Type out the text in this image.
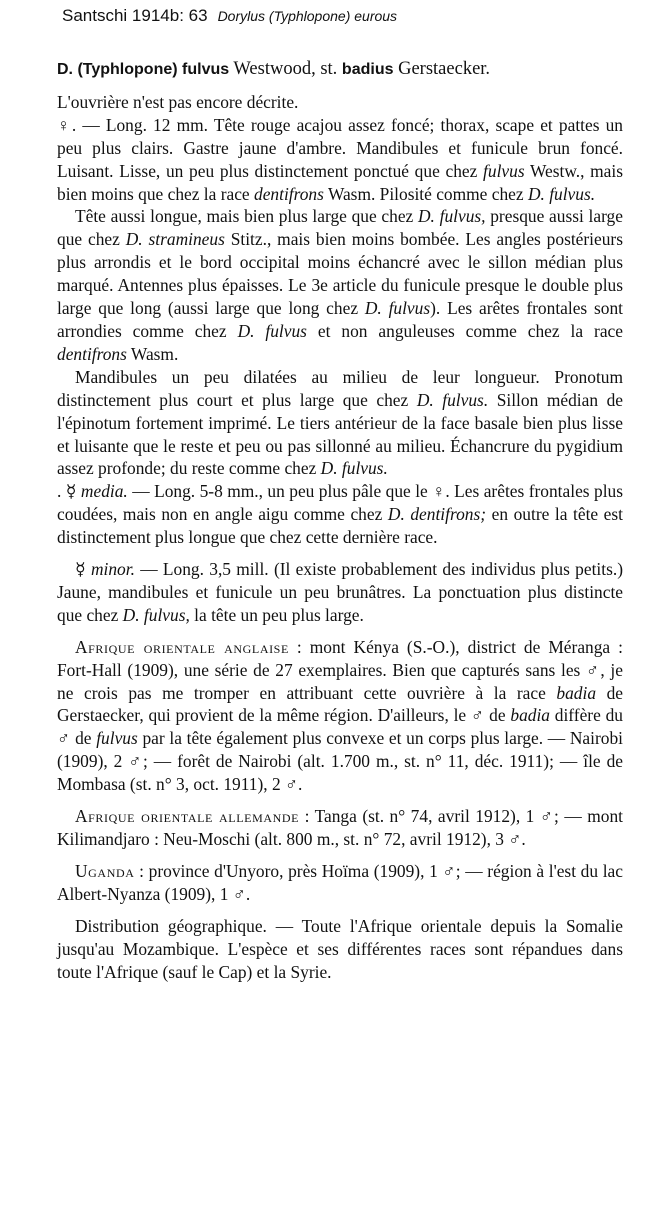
Santschi 1914b: 63 Dorylus (Typhlopone) eurous

D. (Typhlopone) fulvus Westwood, st. badius Gerstaecker.

L'ouvrière n'est pas encore décrite.

♀. — Long. 12 mm. Tête rouge acajou assez foncé; thorax, scape et pattes un peu plus clairs. Gastre jaune d'ambre. Mandibules et funicule brun foncé. Luisant. Lisse, un peu plus distinctement ponctué que chez fulvus Westw., mais bien moins que chez la race dentifrons Wasm. Pilosité comme chez D. fulvus.

Tête aussi longue, mais bien plus large que chez D. fulvus, presque aussi large que chez D. stramineus Stitz., mais bien moins bombée. Les angles postérieurs plus arrondis et le bord occipital moins échancré avec le sillon médian plus marqué. Antennes plus épaisses. Le 3e article du funicule presque le double plus large que long (aussi large que long chez D. fulvus). Les arêtes frontales sont arrondies comme chez D. fulvus et non anguleuses comme chez la race dentifrons Wasm.

Mandibules un peu dilatées au milieu de leur longueur. Pronotum distinctement plus court et plus large que chez D. fulvus. Sillon médian de l'épinotum fortement imprimé. Le tiers antérieur de la face basale bien plus lisse et luisante que le reste et peu ou pas sillonné au milieu. Échancrure du pygidium assez profonde; du reste comme chez D. fulvus.

. ☿ media. — Long. 5-8 mm., un peu plus pâle que le ♀. Les arêtes frontales plus coudées, mais non en angle aigu comme chez D. dentifrons; en outre la tête est distinctement plus longue que chez cette dernière race.

☿ minor. — Long. 3,5 mill. (Il existe probablement des individus plus petits.) Jaune, mandibules et funicule un peu brunâtres. La ponctuation plus distincte que chez D. fulvus, la tête un peu plus large.

Afrique orientale anglaise : mont Kénya (S.-O.), district de Méranga : Fort-Hall (1909), une série de 27 exemplaires. Bien que capturés sans les ♂, je ne crois pas me tromper en attribuant cette ouvrière à la race badia de Gerstaecker, qui provient de la même région. D'ailleurs, le ♂ de badia diffère du ♂ de fulvus par la tête également plus convexe et un corps plus large. — Nairobi (1909), 2 ♂; — forêt de Nairobi (alt. 1.700 m., st. n° 11, déc. 1911); — île de Mombasa (st. n° 3, oct. 1911), 2 ♂.

Afrique orientale allemande : Tanga (st. n° 74, avril 1912), 1 ♂; — mont Kilimandjaro : Neu-Moschi (alt. 800 m., st. n° 72, avril 1912), 3 ♂.

Uganda : province d'Unyoro, près Hoïma (1909), 1 ♂; — région à l'est du lac Albert-Nyanza (1909), 1 ♂.

Distribution géographique. — Toute l'Afrique orientale depuis la Somalie jusqu'au Mozambique. L'espèce et ses différentes races sont répandues dans toute l'Afrique (sauf le Cap) et la Syrie.
